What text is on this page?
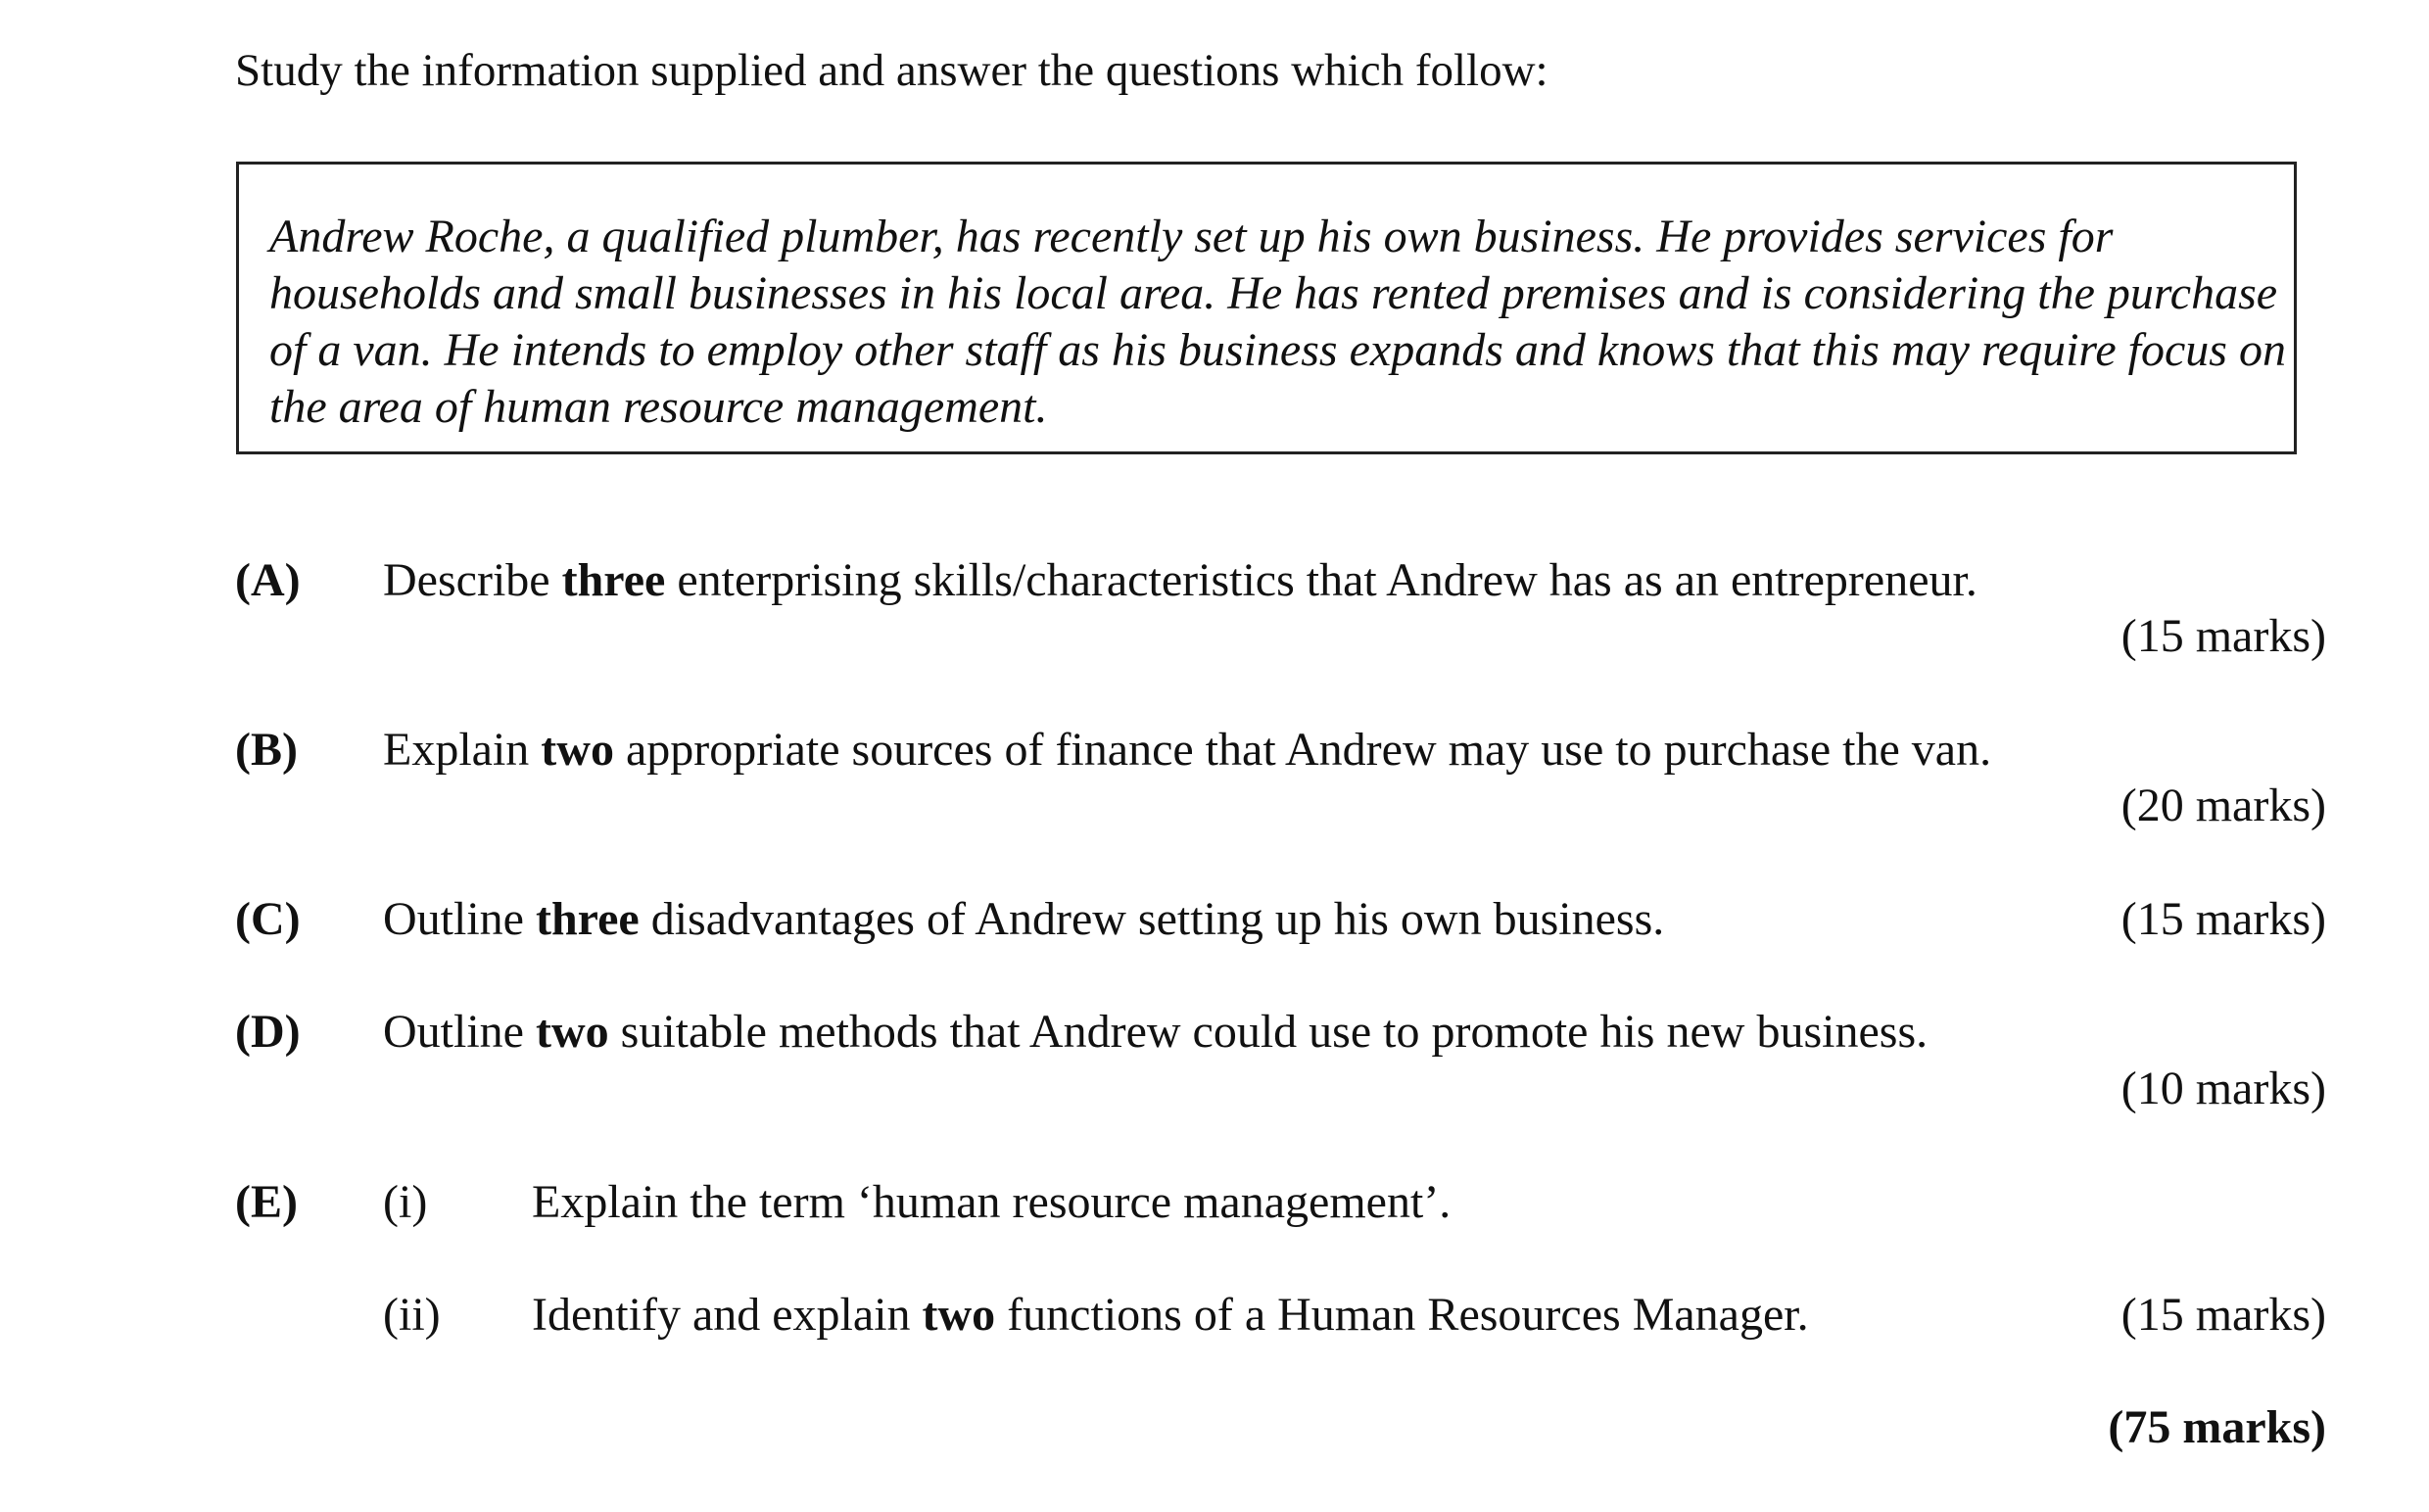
Study the information supplied and answer the questions which follow:
Andrew Roche, a qualified plumber, has recently set up his own business. He provides services for households and small businesses in his local area. He has rented premises and is considering the purchase of a van. He intends to employ other staff as his business expands and knows that this may require focus on the area of human resource management.
(A) Describe three enterprising skills/characteristics that Andrew has as an entrepreneur.
(15 marks)
(B) Explain two appropriate sources of finance that Andrew may use to purchase the van.
(20 marks)
(C) Outline three disadvantages of Andrew setting up his own business.	(15 marks)
(D) Outline two suitable methods that Andrew could use to promote his new business.
(10 marks)
(E) (i) Explain the term ‘human resource management’.
(ii) Identify and explain two functions of a Human Resources Manager.	(15 marks)
(75 marks)
